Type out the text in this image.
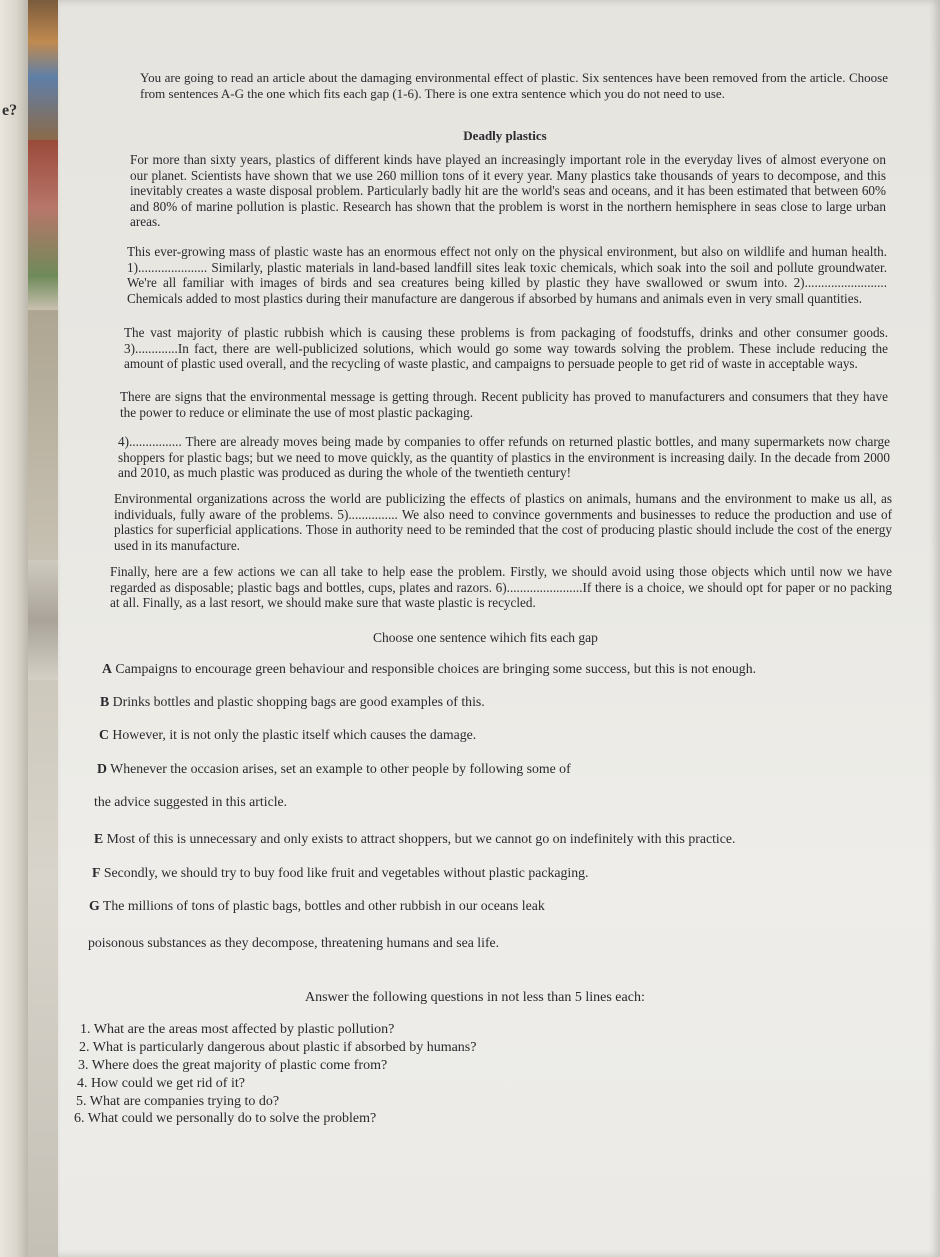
e?
You are going to read an article about the damaging environmental effect of plastic. Six sentences have been removed from the article. Choose from sentences A-G the one which fits each gap (1-6). There is one extra sentence which you do not need to use.
Deadly plastics
For more than sixty years, plastics of different kinds have played an increasingly important role in the everyday lives of almost everyone on our planet. Scientists have shown that we use 260 million tons of it every year. Many plastics take thousands of years to decompose, and this inevitably creates a waste disposal problem. Particularly badly hit are the world's seas and oceans, and it has been estimated that between 60% and 80% of marine pollution is plastic. Research has shown that the problem is worst in the northern hemisphere in seas close to large urban areas.
This ever-growing mass of plastic waste has an enormous effect not only on the physical environment, but also on wildlife and human health. 1)..................... Similarly, plastic materials in land-based landfill sites leak toxic chemicals, which soak into the soil and pollute groundwater. We're all familiar with images of birds and sea creatures being killed by plastic they have swallowed or swum into. 2)......................... Chemicals added to most plastics during their manufacture are dangerous if absorbed by humans and animals even in very small quantities.
The vast majority of plastic rubbish which is causing these problems is from packaging of foodstuffs, drinks and other consumer goods. 3).............In fact, there are well-publicized solutions, which would go some way towards solving the problem. These include reducing the amount of plastic used overall, and the recycling of waste plastic, and campaigns to persuade people to get rid of waste in acceptable ways.
There are signs that the environmental message is getting through. Recent publicity has proved to manufacturers and consumers that they have the power to reduce or eliminate the use of most plastic packaging.
4)................ There are already moves being made by companies to offer refunds on returned plastic bottles, and many supermarkets now charge shoppers for plastic bags; but we need to move quickly, as the quantity of plastics in the environment is increasing daily. In the decade from 2000 and 2010, as much plastic was produced as during the whole of the twentieth century!
Environmental organizations across the world are publicizing the effects of plastics on animals, humans and the environment to make us all, as individuals, fully aware of the problems. 5)............... We also need to convince governments and businesses to reduce the production and use of plastics for superficial applications. Those in authority need to be reminded that the cost of producing plastic should include the cost of the energy used in its manufacture.
Finally, here are a few actions we can all take to help ease the problem. Firstly, we should avoid using those objects which until now we have regarded as disposable; plastic bags and bottles, cups, plates and razors. 6).......................If there is a choice, we should opt for paper or no packing at all. Finally, as a last resort, we should make sure that waste plastic is recycled.
Choose one sentence wihich fits each gap
A Campaigns to encourage green behaviour and responsible choices are bringing some success, but this is not enough.
B Drinks bottles and plastic shopping bags are good examples of this.
C However, it is not only the plastic itself which causes the damage.
D Whenever the occasion arises, set an example to other people by following some of
the advice suggested in this article.
E Most of this is unnecessary and only exists to attract shoppers, but we cannot go on indefinitely with this practice.
F Secondly, we should try to buy food like fruit and vegetables without plastic packaging.
G The millions of tons of plastic bags, bottles and other rubbish in our oceans leak
poisonous substances as they decompose, threatening humans and sea life.
Answer the following questions in not less than 5 lines each:
1. What are the areas most affected by plastic pollution?
2. What is particularly dangerous about plastic if absorbed by humans?
3. Where does the great majority of plastic come from?
4. How could we get rid of it?
5. What are companies trying to do?
6. What could we personally do to solve the problem?
